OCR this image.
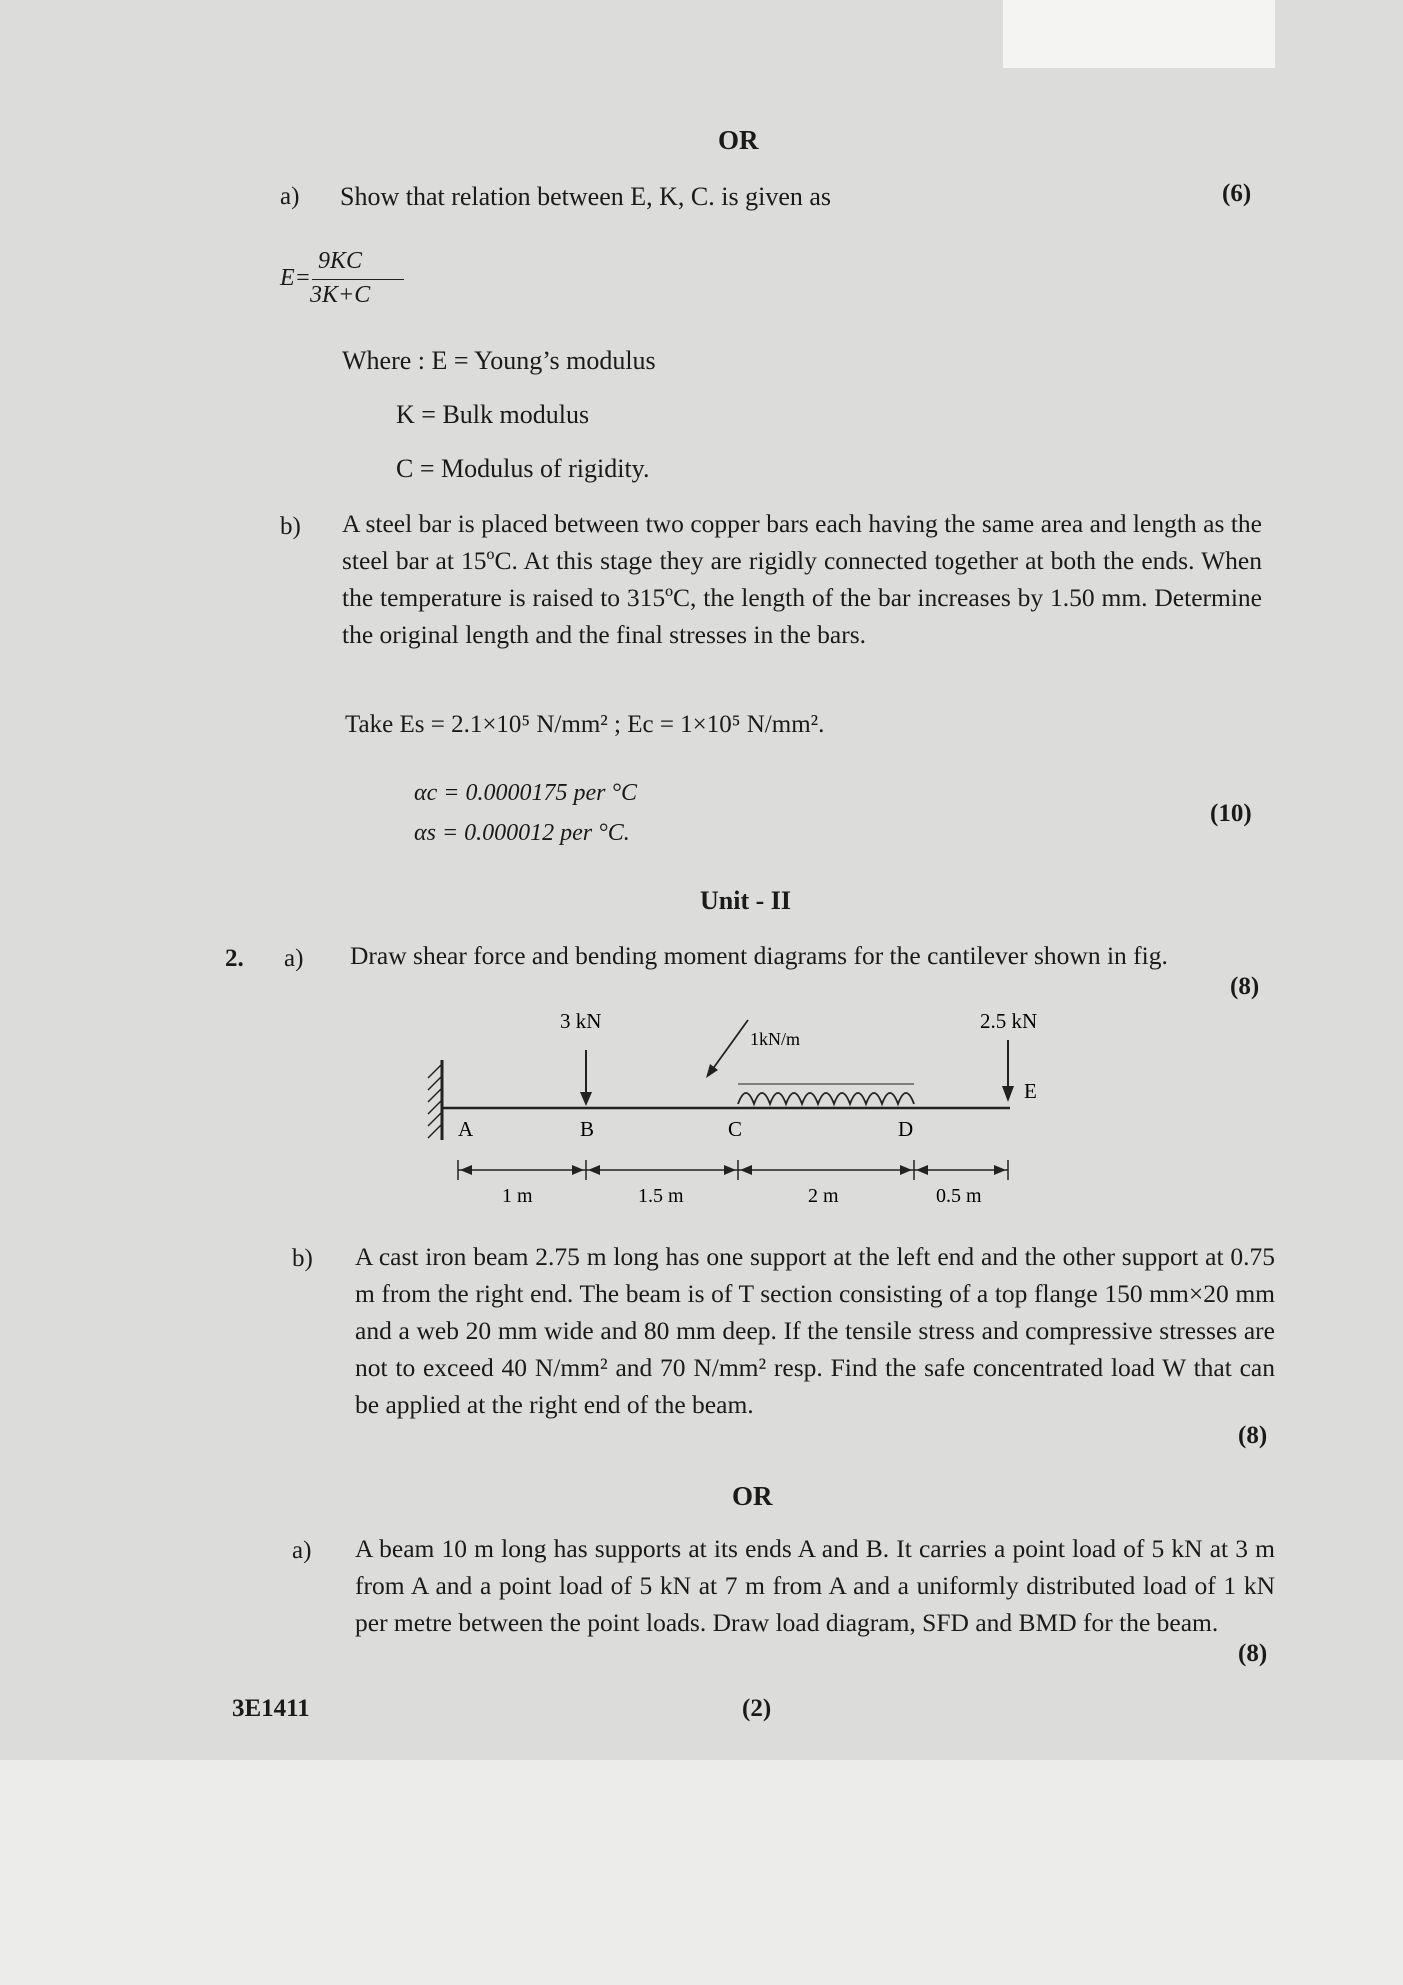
OR
a) Show that relation between E, K, C. is given as	(6)
E=
9KC
3K+C
Where : E = Young’s modulus
K = Bulk modulus
C = Modulus of rigidity.
b) A steel bar is placed between two copper bars each having the same area and length as the steel bar at 15ºC. At this stage they are rigidly connected together at both the ends. When the temperature is raised to 315ºC, the length of the bar increases by 1.50 mm. Determine the original length and the final stresses in the bars.
Take Es = 2.1×10⁵ N/mm² ; Ec = 1×10⁵ N/mm².
αc = 0.0000175 per °C
αs = 0.000012 per °C.
(10)
Unit - II
2. a) Draw shear force and bending moment diagrams for the cantilever shown in fig.
(8)
3 kN
1kN/m
2.5 kN
A	B	C	D
E
1 m	1.5 m	2 m	0.5 m
b) A cast iron beam 2.75 m long has one support at the left end and the other support at 0.75 m from the right end. The beam is of T section consisting of a top flange 150 mm×20 mm and a web 20 mm wide and 80 mm deep. If the tensile stress and compressive stresses are not to exceed 40 N/mm² and 70 N/mm² resp. Find the safe concentrated load W that can be applied at the right end of the beam.
(8)
OR
a) A beam 10 m long has supports at its ends A and B. It carries a point load of 5 kN at 3 m from A and a point load of 5 kN at 7 m from A and a uniformly distributed load of 1 kN per metre between the point loads. Draw load diagram, SFD and BMD for the beam.
(8)
3E1411	(2)
